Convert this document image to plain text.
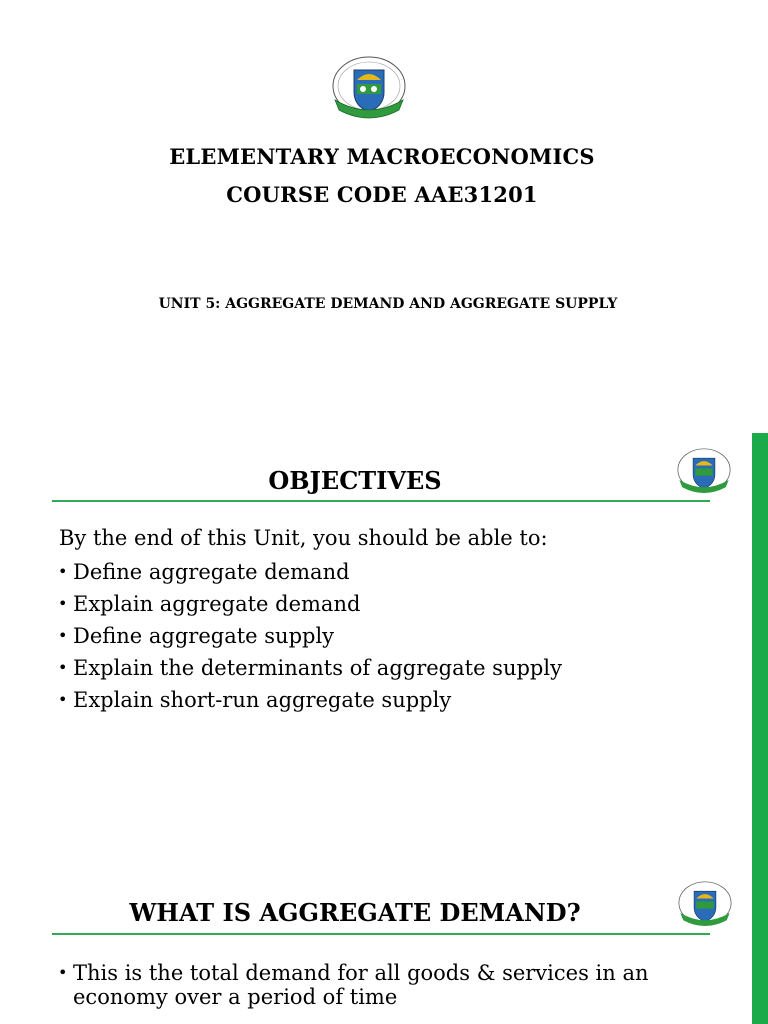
ELEMENTARY MACROECONOMICS
COURSE CODE AAE31201
UNIT 5: AGGREGATE DEMAND AND AGGREGATE SUPPLY
OBJECTIVES
By the end of this Unit, you should be able to:
• Define aggregate demand
• Explain aggregate demand
• Define aggregate supply
• Explain the determinants of aggregate supply
• Explain short-run aggregate supply
WHAT IS AGGREGATE DEMAND?
• This is the total demand for all goods & services in an economy over a period of time
